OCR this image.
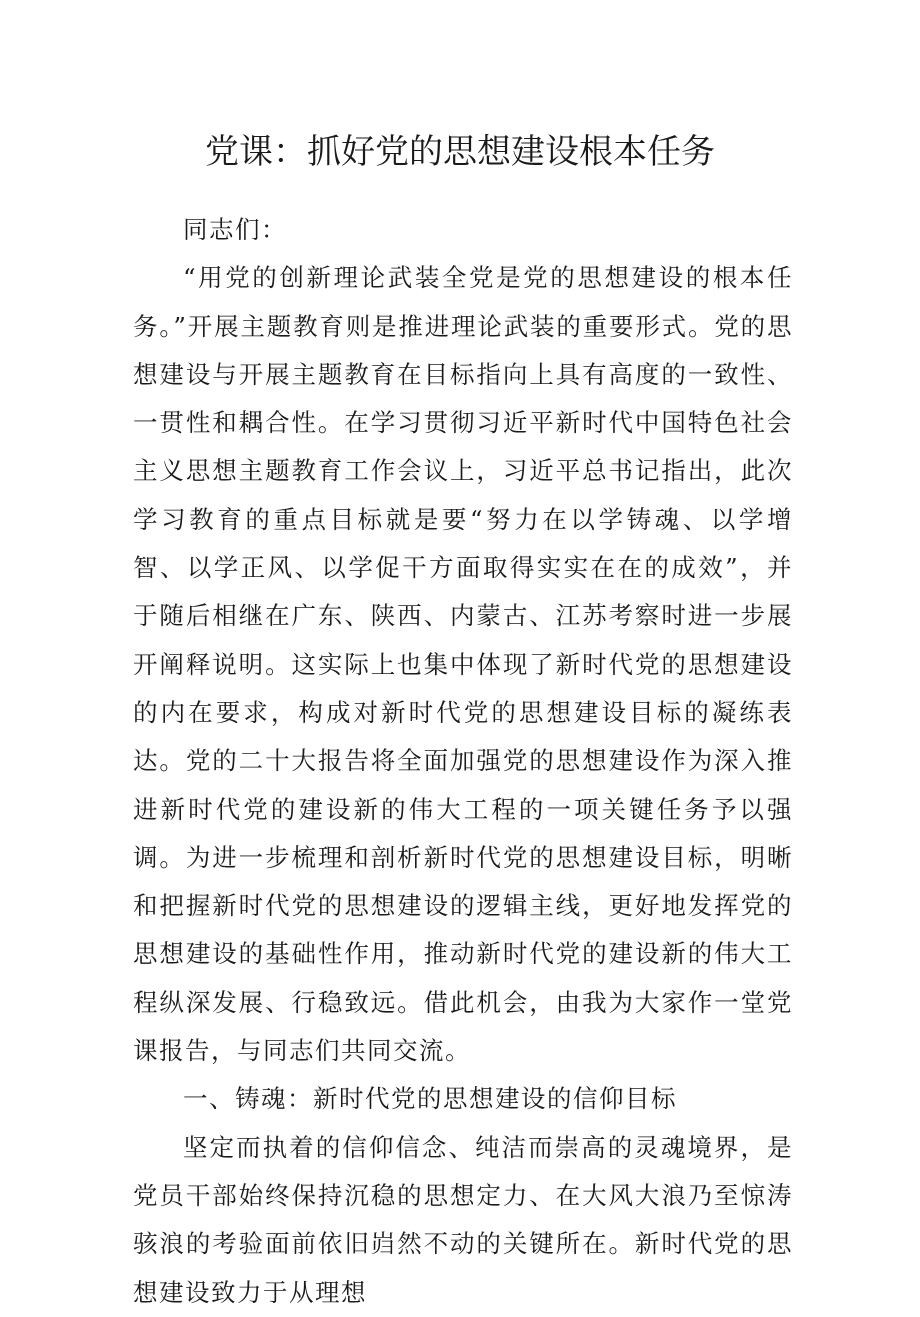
党课：抓好党的思想建设根本任务

同志们：

“用党的创新理论武装全党是党的思想建设的根本任务。”开展主题教育则是推进理论武装的重要形式。党的思想建设与开展主题教育在目标指向上具有高度的一致性、一贯性和耦合性。在学习贯彻习近平新时代中国特色社会主义思想主题教育工作会议上，习近平总书记指出，此次学习教育的重点目标就是要“努力在以学铸魂、以学增智、以学正风、以学促干方面取得实实在在的成效”，并于随后相继在广东、陕西、内蒙古、江苏考察时进一步展开阐释说明。这实际上也集中体现了新时代党的思想建设的内在要求，构成对新时代党的思想建设目标的凝练表达。党的二十大报告将全面加强党的思想建设作为深入推进新时代党的建设新的伟大工程的一项关键任务予以强调。为进一步梳理和剖析新时代党的思想建设目标，明晰和把握新时代党的思想建设的逻辑主线，更好地发挥党的思想建设的基础性作用，推动新时代党的建设新的伟大工程纵深发展、行稳致远。借此机会，由我为大家作一堂党课报告，与同志们共同交流。

一、铸魂：新时代党的思想建设的信仰目标

坚定而执着的信仰信念、纯洁而崇高的灵魂境界，是党员干部始终保持沉稳的思想定力、在大风大浪乃至惊涛骇浪的考验面前依旧岿然不动的关键所在。新时代党的思想建设致力于从理想
